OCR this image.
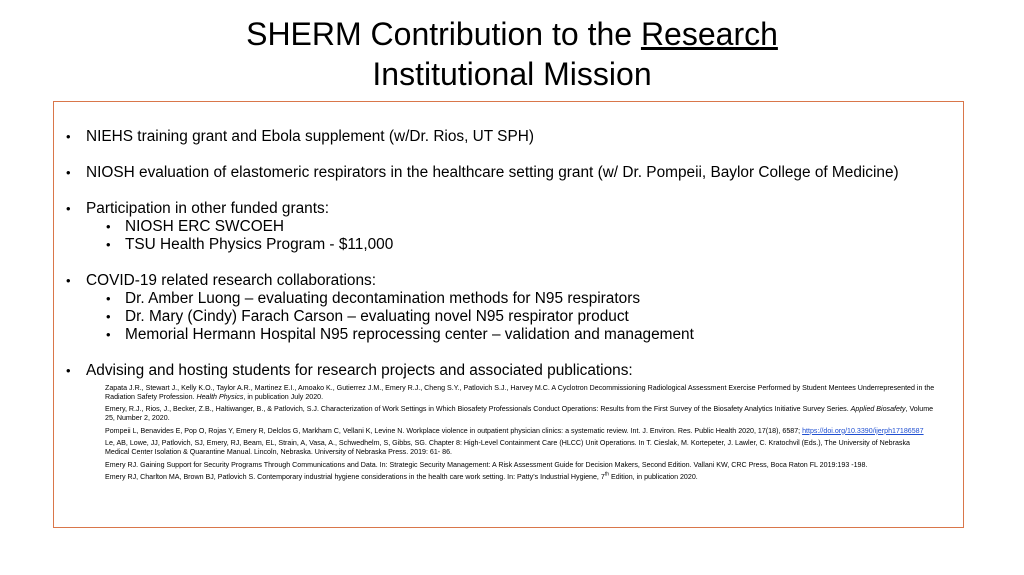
SHERM Contribution to the Research
Institutional Mission
• NIEHS training grant and Ebola supplement (w/Dr. Rios, UT SPH)
• NIOSH evaluation of elastomeric respirators in the healthcare setting grant (w/ Dr. Pompeii, Baylor College of Medicine)
• Participation in other funded grants:
• NIOSH ERC SWCOEH
• TSU Health Physics Program - $11,000
• COVID-19 related research collaborations:
• Dr. Amber Luong – evaluating decontamination methods for N95 respirators
• Dr. Mary (Cindy) Farach Carson – evaluating novel N95 respirator product
• Memorial Hermann Hospital N95 reprocessing center – validation and management
• Advising and hosting students for research projects and associated publications:
Zapata J.R., Stewart J., Kelly K.O., Taylor A.R., Martinez E.I., Amoako K., Gutierrez J.M., Emery R.J., Cheng S.Y., Patlovich S.J., Harvey M.C. A Cyclotron Decommissioning Radiological Assessment Exercise Performed by Student Mentees Underrepresented in the Radiation Safety Profession. Health Physics, in publication July 2020.
Emery, R.J., Rios, J., Becker, Z.B., Haltiwanger, B., & Patlovich, S.J. Characterization of Work Settings in Which Biosafety Professionals Conduct Operations: Results from the First Survey of the Biosafety Analytics Initiative Survey Series. Applied Biosafety, Volume 25, Number 2, 2020.
Pompeii L, Benavides E, Pop O, Rojas Y, Emery R, Delclos G, Markham C, Vellani K, Levine N. Workplace violence in outpatient physician clinics: a systematic review. Int. J. Environ. Res. Public Health 2020, 17(18), 6587; https://doi.org/10.3390/ijerph17186587
Le, AB, Lowe, JJ, Patlovich, SJ, Emery, RJ, Beam, EL, Strain, A, Vasa, A., Schwedhelm, S, Gibbs, SG. Chapter 8: High-Level Containment Care (HLCC) Unit Operations. In T. Cieslak, M. Kortepeter, J. Lawler, C. Kratochvil (Eds.), The University of Nebraska Medical Center Isolation & Quarantine Manual. Lincoln, Nebraska. University of Nebraska Press. 2019: 61- 86.
Emery RJ. Gaining Support for Security Programs Through Communications and Data. In: Strategic Security Management: A Risk Assessment Guide for Decision Makers, Second Edition. Vallani KW, CRC Press, Boca Raton FL 2019:193 -198.
Emery RJ, Charlton MA, Brown BJ, Patlovich S. Contemporary industrial hygiene considerations in the health care work setting. In: Patty’s Industrial Hygiene, 7th Edition, in publication 2020.
